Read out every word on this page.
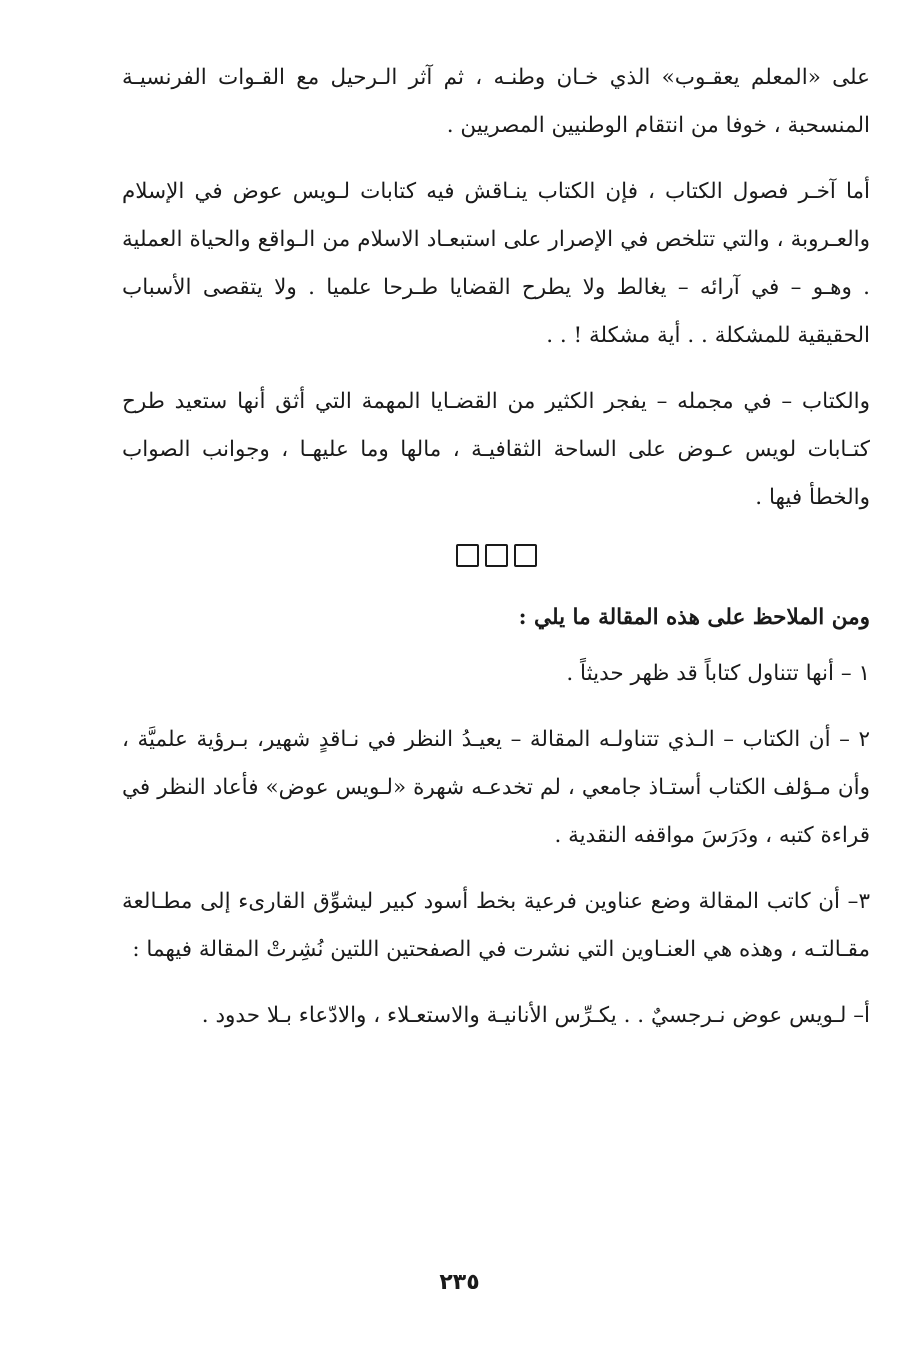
على «المعلم يعقـوب» الذي خـان وطنـه ، ثم آثر الـرحيل مع القـوات الفرنسيـة المنسحبة ، خوفا من انتقام الوطنيين المصريين .

أما آخـر فصول الكتاب ، فإن الكتاب ينـاقش فيه كتابات لـويس عوض في الإسلام والعـروبة ، والتي تتلخص في الإصرار على استبعـاد الاسلام من الـواقع والحياة العملية . وهـو – في آرائه – يغالط ولا يطرح القضايا طـرحا علميا . ولا يتقصى الأسباب الحقيقية للمشكلة . . أية مشكلة ! . .

والكتاب – في مجمله – يفجر الكثير من القضـايا المهمة التي أثق أنها ستعيد طرح كتـابات لويس عـوض على الساحة الثقافيـة ، مالها وما عليهـا ، وجوانب الصواب والخطأ فيها .

ومن الملاحظ على هذه المقالة ما يلي :

١ – أنها تتناول كتاباً قد ظهر حديثاً .

٢ – أن الكتاب – الـذي تتناولـه المقالة – يعيـدُ النظر في نـاقدٍ شهير، بـرؤية علميَّة ، وأن مـؤلف الكتاب أستـاذ جامعي ، لم تخدعـه شهرة «لـويس عوض» فأعاد النظر في قراءة كتبه ، ودَرَسَ مواقفه النقدية .

٣– أن كاتب المقالة وضع عناوين فرعية بخط أسود كبير ليشوِّق القارىء إلى مطـالعة مقـالتـه ، وهذه هي العنـاوين التي نشرت في الصفحتين اللتين نُشِرتْ المقالة فيهما :

أ– لـويس عوض نـرجسيٌ . . يكـرِّس الأنانيـة والاستعـلاء ، والادّعاء بـلا حدود .

٢٣٥
